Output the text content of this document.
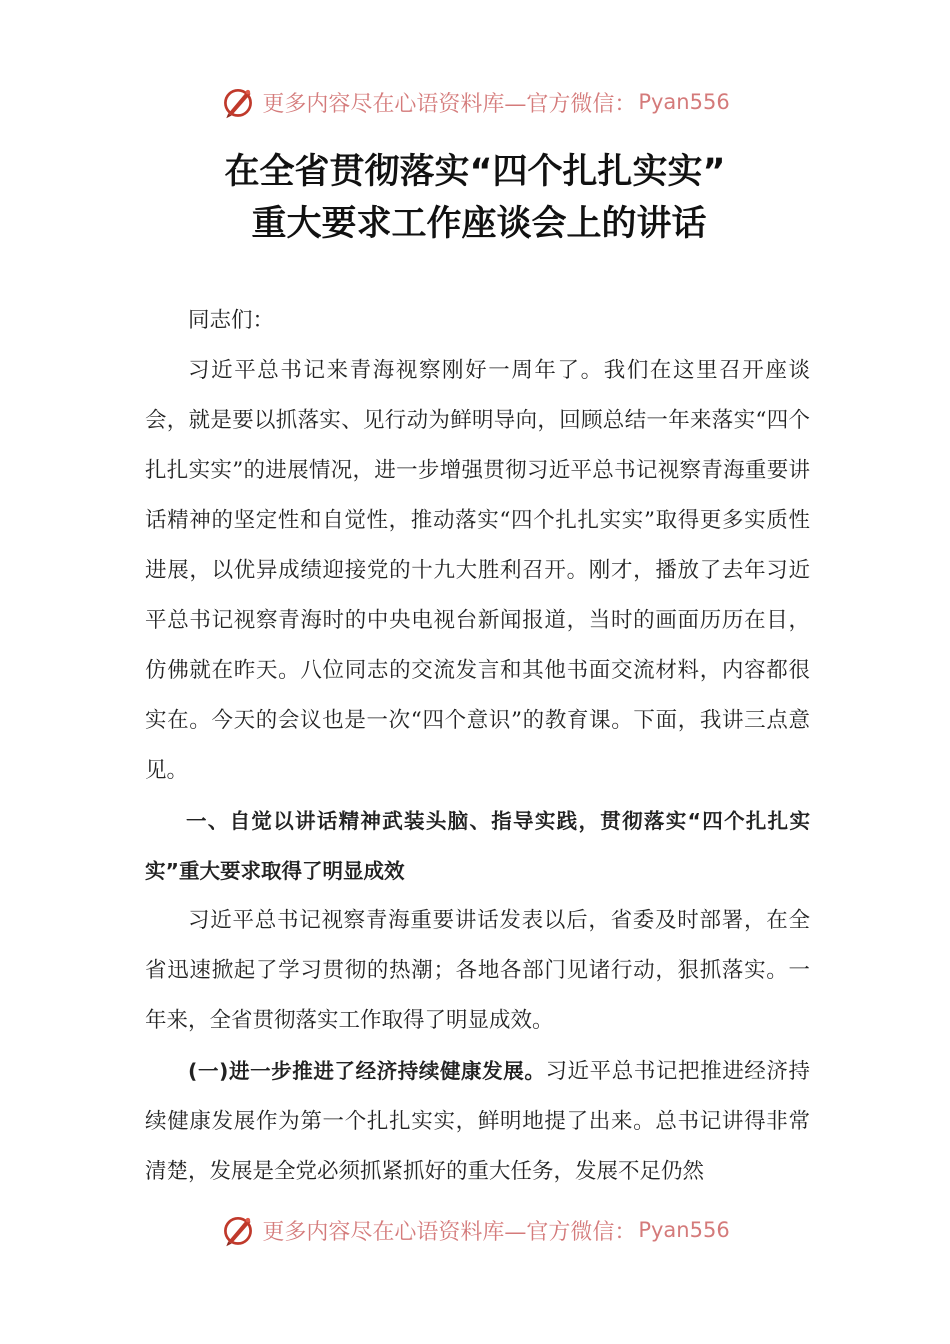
更多内容尽在心语资料库—官方微信： Pyan556
在全省贯彻落实“四个扎扎实实”
重大要求工作座谈会上的讲话

同志们：

习近平总书记来青海视察刚好一周年了。我们在这里召开座谈会，就是要以抓落实、见行动为鲜明导向，回顾总结一年来落实“四个扎扎实实”的进展情况，进一步增强贯彻习近平总书记视察青海重要讲话精神的坚定性和自觉性，推动落实“四个扎扎实实”取得更多实质性进展，以优异成绩迎接党的十九大胜利召开。刚才，播放了去年习近平总书记视察青海时的中央电视台新闻报道，当时的画面历历在目，仿佛就在昨天。八位同志的交流发言和其他书面交流材料，内容都很实在。今天的会议也是一次“四个意识”的教育课。下面，我讲三点意见。

一、自觉以讲话精神武装头脑、指导实践，贯彻落实“四个扎扎实实”重大要求取得了明显成效

习近平总书记视察青海重要讲话发表以后，省委及时部署，在全省迅速掀起了学习贯彻的热潮；各地各部门见诸行动，狠抓落实。一年来，全省贯彻落实工作取得了明显成效。

(一)进一步推进了经济持续健康发展。习近平总书记把推进经济持续健康发展作为第一个扎扎实实，鲜明地提了出来。总书记讲得非常清楚，发展是全党必须抓紧抓好的重大任务，发展不足仍然

更多内容尽在心语资料库—官方微信： Pyan556
